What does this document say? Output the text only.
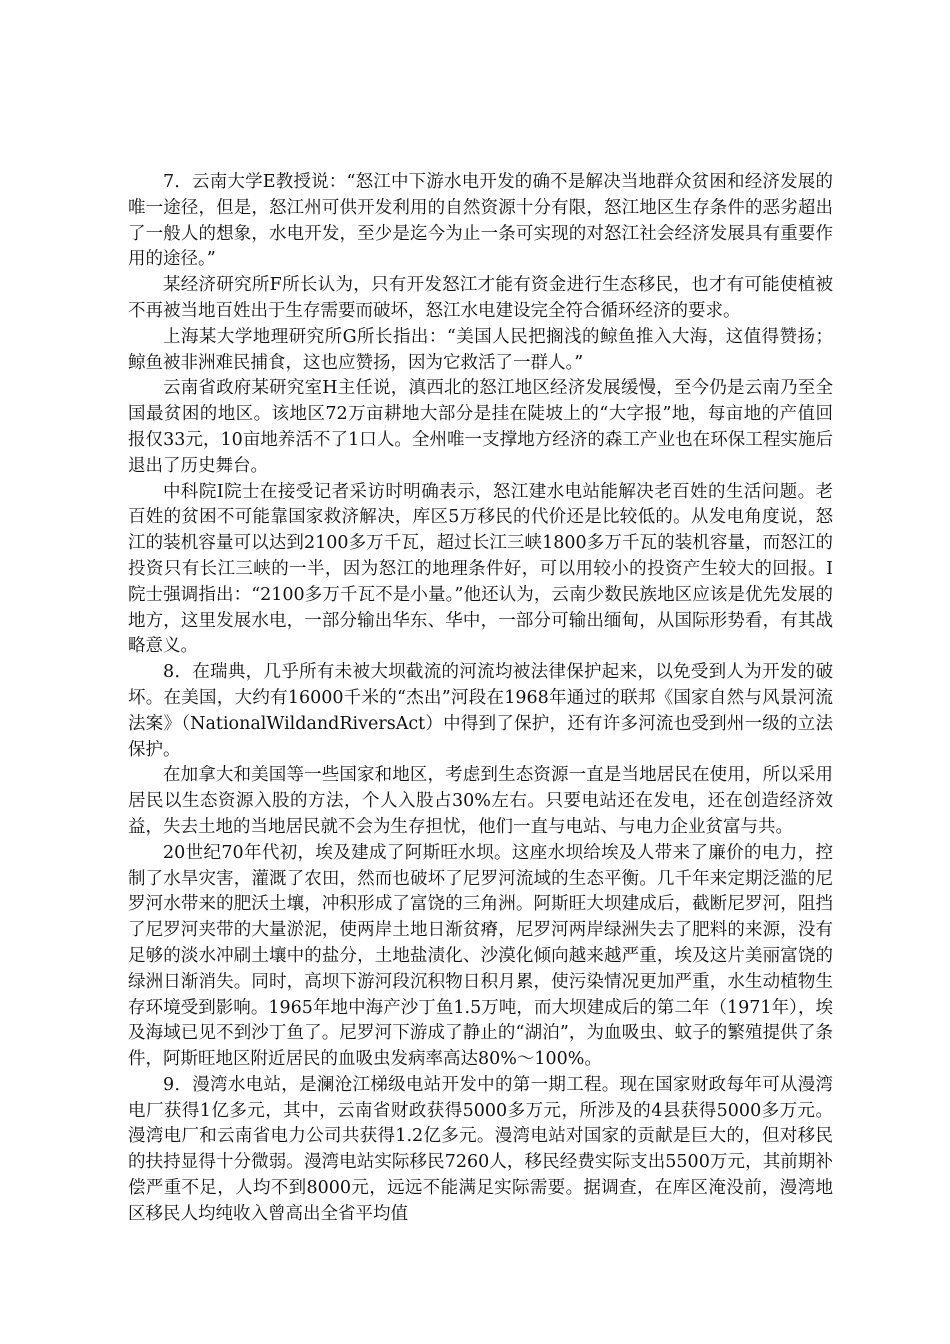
7．云南大学E教授说：“怒江中下游水电开发的确不是解决当地群众贫困和经济发展的唯一途径，但是，怒江州可供开发利用的自然资源十分有限，怒江地区生存条件的恶劣超出了一般人的想象，水电开发，至少是迄今为止一条可实现的对怒江社会经济发展具有重要作用的途径。”

某经济研究所F所长认为，只有开发怒江才能有资金进行生态移民，也才有可能使植被不再被当地百姓出于生存需要而破坏，怒江水电建设完全符合循环经济的要求。

上海某大学地理研究所G所长指出：“美国人民把搁浅的鲸鱼推入大海，这值得赞扬；鲸鱼被非洲难民捕食，这也应赞扬，因为它救活了一群人。”

云南省政府某研究室H主任说，滇西北的怒江地区经济发展缓慢，至今仍是云南乃至全国最贫困的地区。该地区72万亩耕地大部分是挂在陡坡上的“大字报”地，每亩地的产值回报仅33元，10亩地养活不了1口人。全州唯一支撑地方经济的森工产业也在环保工程实施后退出了历史舞台。

中科院I院士在接受记者采访时明确表示，怒江建水电站能解决老百姓的生活问题。老百姓的贫困不可能靠国家救济解决，库区5万移民的代价还是比较低的。从发电角度说，怒江的装机容量可以达到2100多万千瓦，超过长江三峡1800多万千瓦的装机容量，而怒江的投资只有长江三峡的一半，因为怒江的地理条件好，可以用较小的投资产生较大的回报。I院士强调指出：“2100多万千瓦不是小量。”他还认为，云南少数民族地区应该是优先发展的地方，这里发展水电，一部分输出华东、华中，一部分可输出缅甸，从国际形势看，有其战略意义。

8．在瑞典，几乎所有未被大坝截流的河流均被法律保护起来，以免受到人为开发的破坏。在美国，大约有16000千米的“杰出”河段在1968年通过的联邦《国家自然与风景河流法案》（NationalWildandRiversAct）中得到了保护，还有许多河流也受到州一级的立法保护。

在加拿大和美国等一些国家和地区，考虑到生态资源一直是当地居民在使用，所以采用居民以生态资源入股的方法，个人入股占30%左右。只要电站还在发电，还在创造经济效益，失去土地的当地居民就不会为生存担忧，他们一直与电站、与电力企业贫富与共。

20世纪70年代初，埃及建成了阿斯旺水坝。这座水坝给埃及人带来了廉价的电力，控制了水旱灾害，灌溉了农田，然而也破坏了尼罗河流域的生态平衡。几千年来定期泛滥的尼罗河水带来的肥沃土壤，冲积形成了富饶的三角洲。阿斯旺大坝建成后，截断尼罗河，阻挡了尼罗河夹带的大量淤泥，使两岸土地日渐贫瘠，尼罗河两岸绿洲失去了肥料的来源，没有足够的淡水冲刷土壤中的盐分，土地盐渍化、沙漠化倾向越来越严重，埃及这片美丽富饶的绿洲日渐消失。同时，高坝下游河段沉积物日积月累，使污染情况更加严重，水生动植物生存环境受到影响。1965年地中海产沙丁鱼1.5万吨，而大坝建成后的第二年（1971年），埃及海域已见不到沙丁鱼了。尼罗河下游成了静止的“湖泊”，为血吸虫、蚊子的繁殖提供了条件，阿斯旺地区附近居民的血吸虫发病率高达80%～100%。

9．漫湾水电站，是澜沧江梯级电站开发中的第一期工程。现在国家财政每年可从漫湾电厂获得1亿多元，其中，云南省财政获得5000多万元，所涉及的4县获得5000多万元。漫湾电厂和云南省电力公司共获得1.2亿多元。漫湾电站对国家的贡献是巨大的，但对移民的扶持显得十分微弱。漫湾电站实际移民7260人，移民经费实际支出5500万元，其前期补偿严重不足，人均不到8000元，远远不能满足实际需要。据调查，在库区淹没前，漫湾地区移民人均纯收入曾高出全省平均值
